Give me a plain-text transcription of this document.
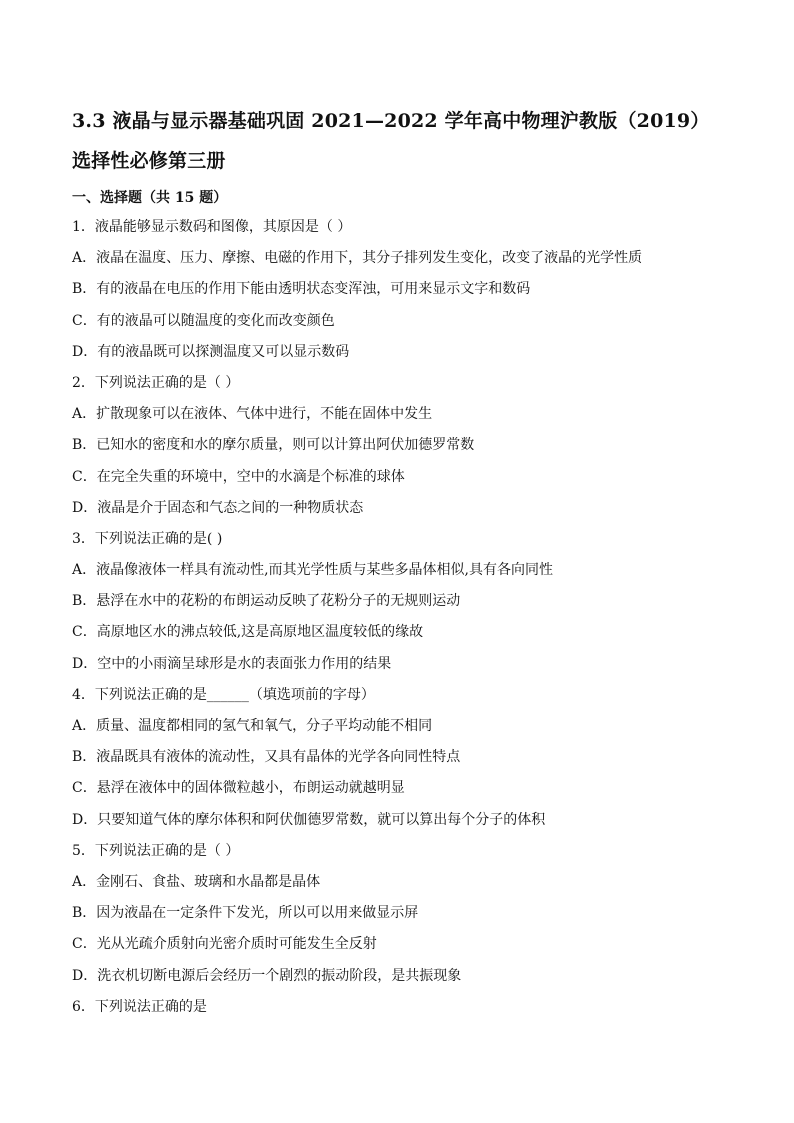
3.3 液晶与显示器基础巩固 2021—2022 学年高中物理沪教版（2019）
选择性必修第三册
一、选择题（共 15 题）
1．液晶能够显示数码和图像，其原因是（ ）
A．液晶在温度、压力、摩擦、电磁的作用下，其分子排列发生变化，改变了液晶的光学性质
B．有的液晶在电压的作用下能由透明状态变浑浊，可用来显示文字和数码
C．有的液晶可以随温度的变化而改变颜色
D．有的液晶既可以探测温度又可以显示数码
2．下列说法正确的是（ ）
A．扩散现象可以在液体、气体中进行，不能在固体中发生
B．已知水的密度和水的摩尔质量，则可以计算出阿伏加德罗常数
C．在完全失重的环境中，空中的水滴是个标准的球体
D．液晶是介于固态和气态之间的一种物质状态
3．下列说法正确的是( )
A．液晶像液体一样具有流动性,而其光学性质与某些多晶体相似,具有各向同性
B．悬浮在水中的花粉的布朗运动反映了花粉分子的无规则运动
C．高原地区水的沸点较低,这是高原地区温度较低的缘故
D．空中的小雨滴呈球形是水的表面张力作用的结果
4．下列说法正确的是______（填选项前的字母）
A．质量、温度都相同的氢气和氧气，分子平均动能不相同
B．液晶既具有液体的流动性，又具有晶体的光学各向同性特点
C．悬浮在液体中的固体微粒越小，布朗运动就越明显
D．只要知道气体的摩尔体积和阿伏伽德罗常数，就可以算出每个分子的体积
5．下列说法正确的是（ ）
A．金刚石、食盐、玻璃和水晶都是晶体
B．因为液晶在一定条件下发光，所以可以用来做显示屏
C．光从光疏介质射向光密介质时可能发生全反射
D．洗衣机切断电源后会经历一个剧烈的振动阶段，是共振现象
6．下列说法正确的是
